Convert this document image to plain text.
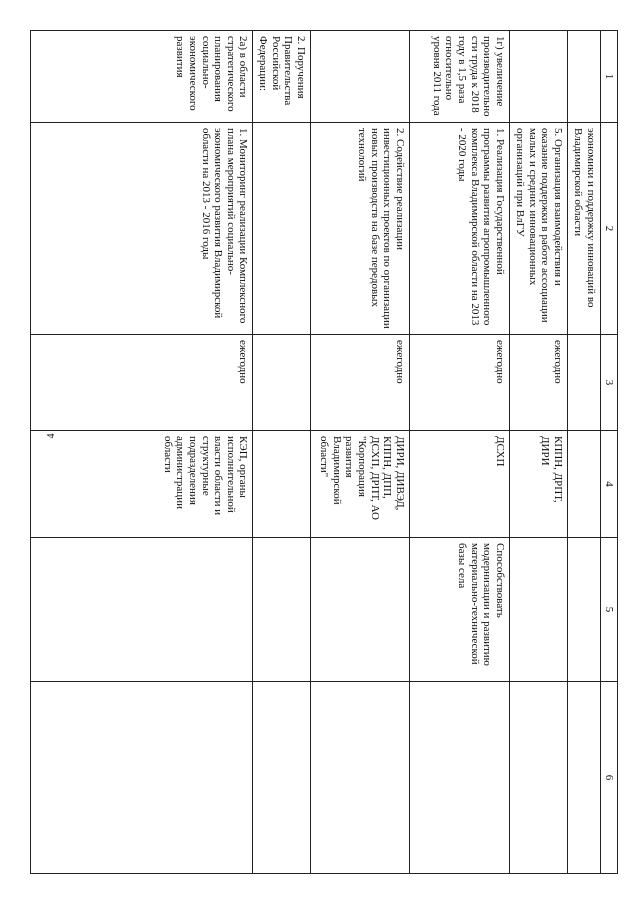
4
1	2	3	4	5	6
	экономики и поддержку инноваций во Владимирской области				
	5. Организация взаимодействия и оказание поддержки в работе ассоциации малых и средних инновационных организаций при ВлГУ	ежегодно	КППН, ДРПТ, ДИРИ		
1г) увеличение производительности труда к 2018 году в 1,5 раза относительно уровня 2011 года	1. Реализация Государственной программы развития агропромышленного комплекса Владимирской области на 2013 - 2020 годы	ежегодно	ДСХП	Способствовать модернизации и развитию материально-технической базы села	
	2. Содействие реализации инвестиционных проектов по организации новых производств на базе передовых технологий	ежегодно	ДИРИ, ДИВЭД, КППН, ДПП, ДСХП, ДРПТ, АО "Корпорация развития Владимирской области"		
2. Поручения Правительства Российской Федерации:					
2а) в области стратегического планирования социально-экономического развития	1. Мониторинг реализации Комплексного плана мероприятий социально-экономического развития Владимирской области на 2013 - 2016 годы	ежегодно	КЭП, органы исполнительной власти области и структурные подразделения администрации области		
